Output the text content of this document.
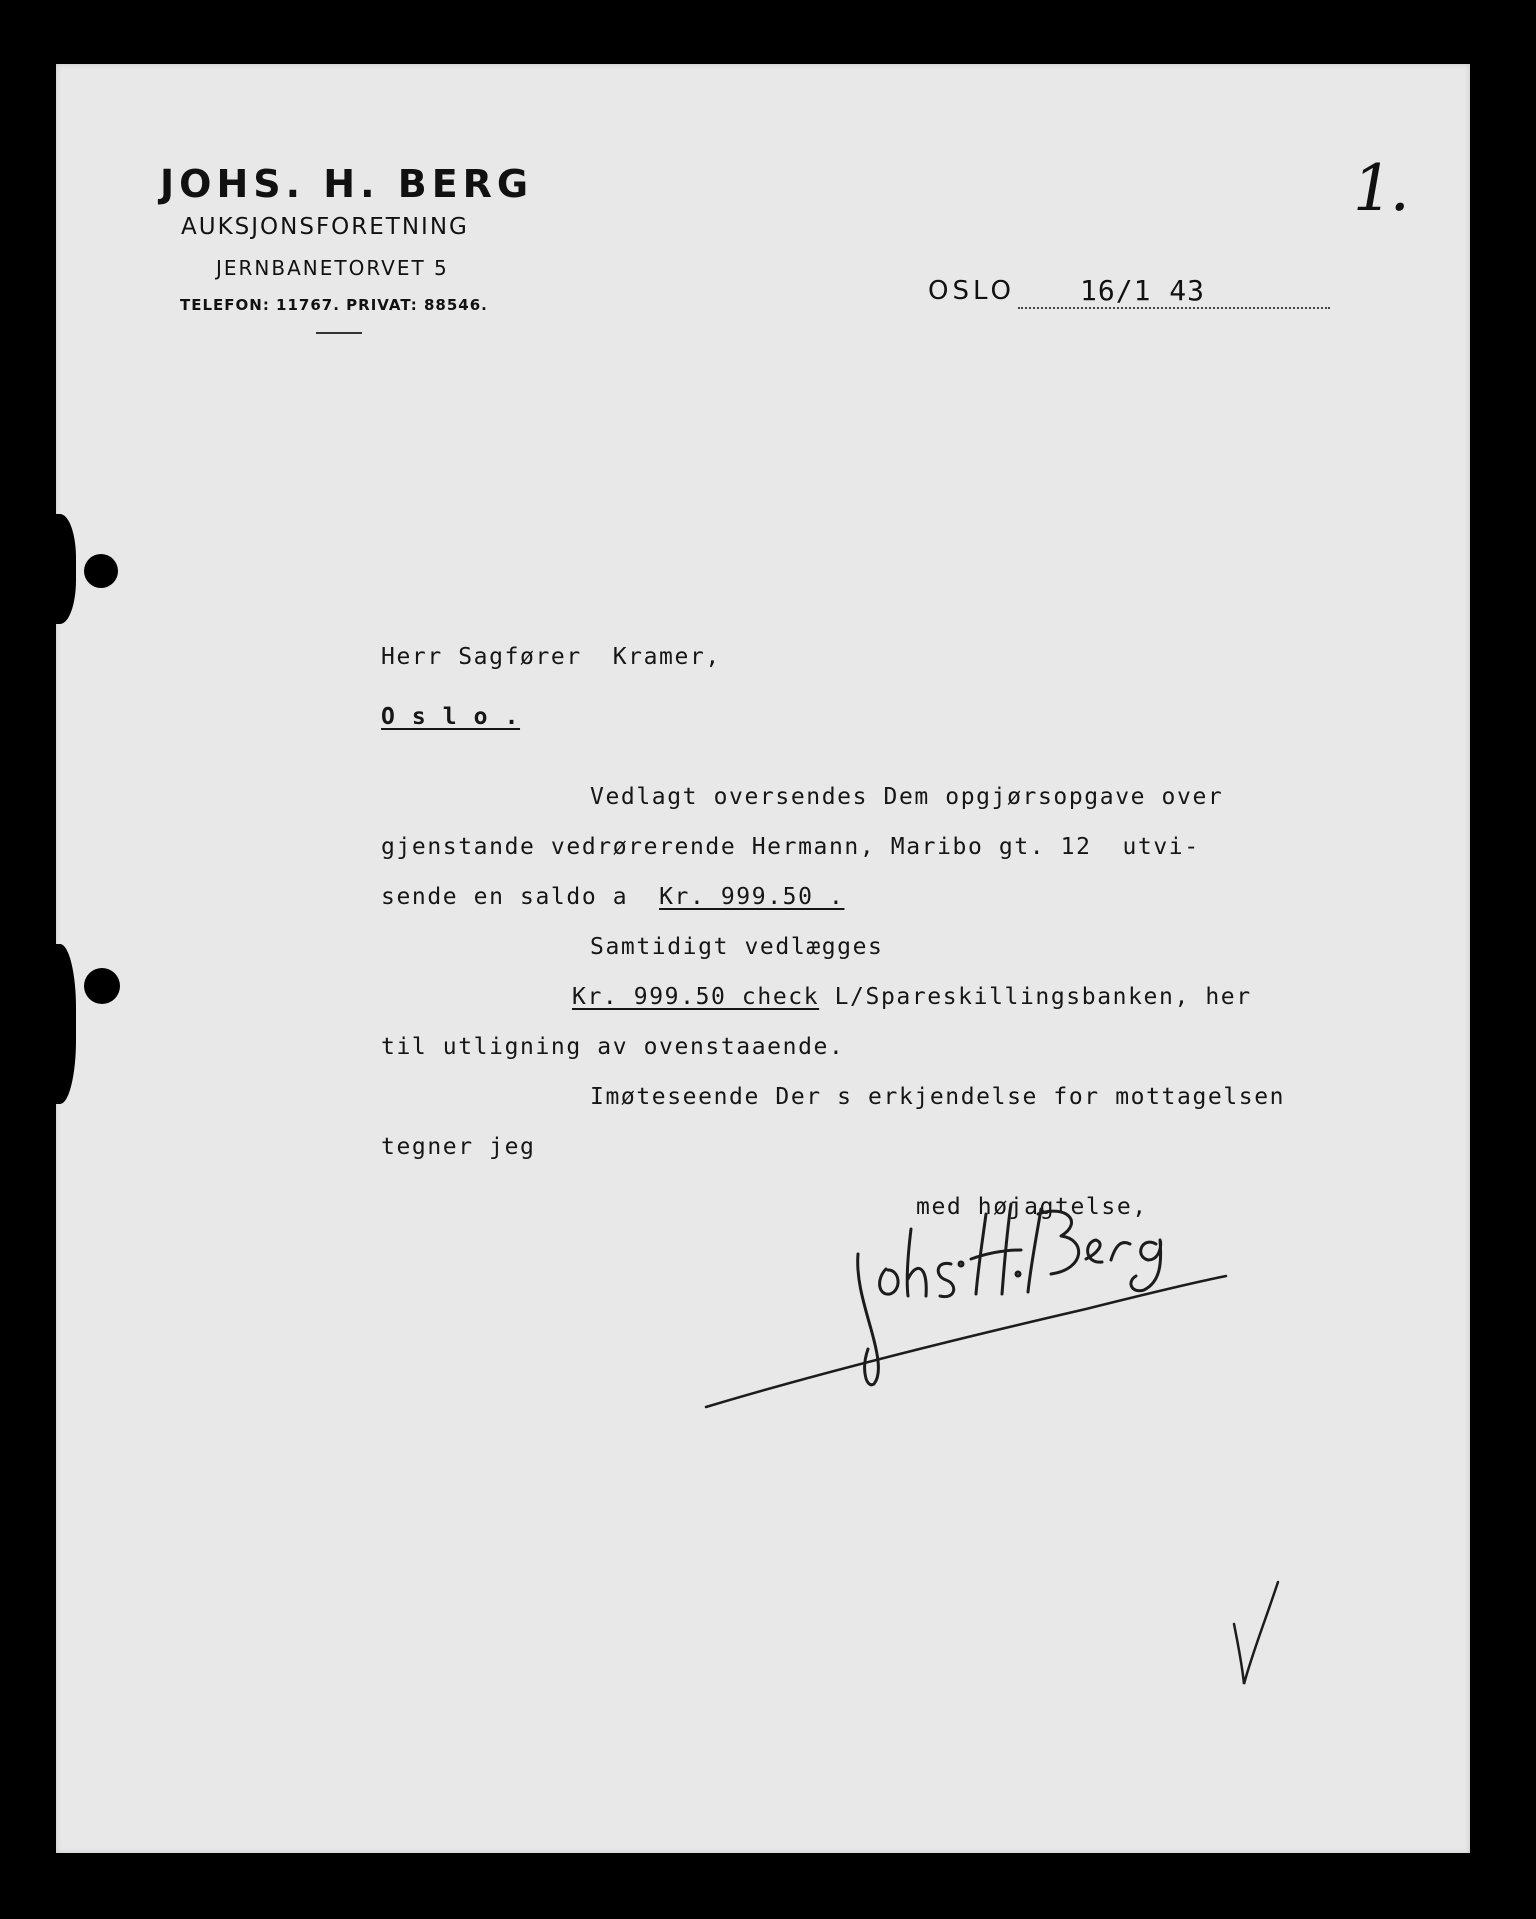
JOHS. H. BERG
AUKSJONSFORETNING
JERNBANETORVET 5
TELEFON: 11767. PRIVAT: 88546.
1.
OSLO 16/1 43
Herr Sagfører  Kramer,
O s l o .
Vedlagt oversendes Dem opgjørsopgave over
gjenstande vedrørerende Hermann, Maribo gt. 12  utvi-
sende en saldo a  Kr. 999.50 .
Samtidigt vedlægges
Kr. 999.50 check L/Spareskillingsbanken, her
til utligning av ovenstaaende.
Imøteseende Der s erkjendelse for mottagelsen
tegner jeg
med højagtelse,
